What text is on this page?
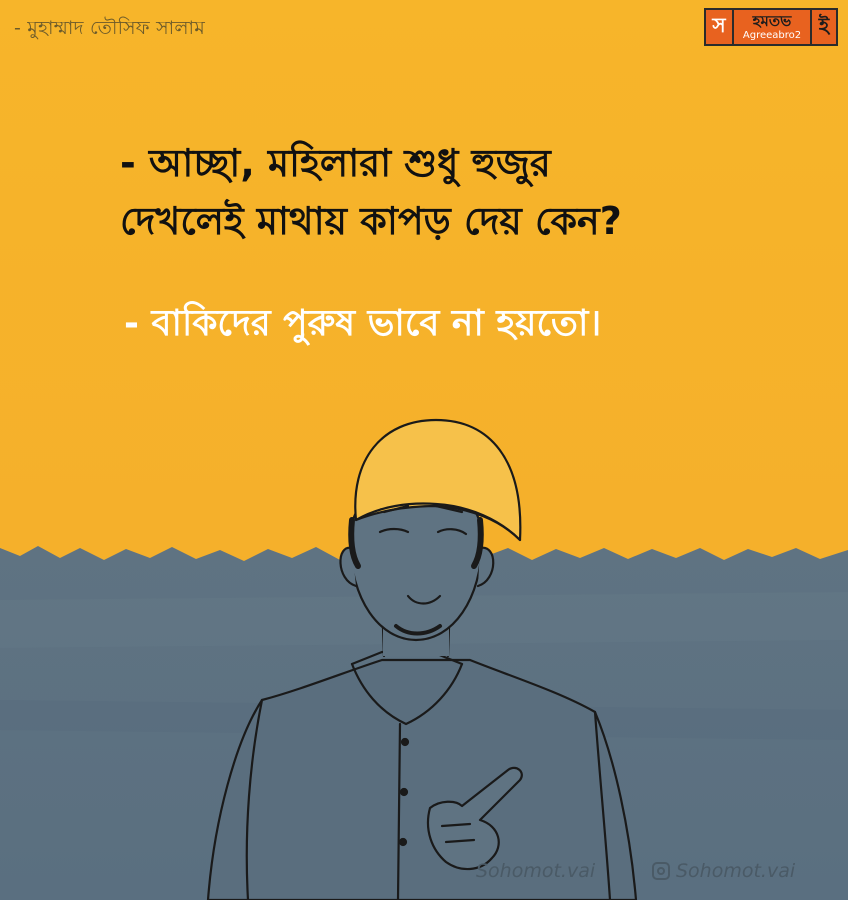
- মুহাম্মাদ তৌসিফ সালাম	স	হমতভ
Agreeabro2 ই
- আচ্ছা, মহিলারা শুধু হুজুর
দেখলেই মাথায় কাপড় দেয় কেন?
- বাকিদের পুরুষ ভাবে না হয়তো।
Sohomot.vai	Sohomot.vai
